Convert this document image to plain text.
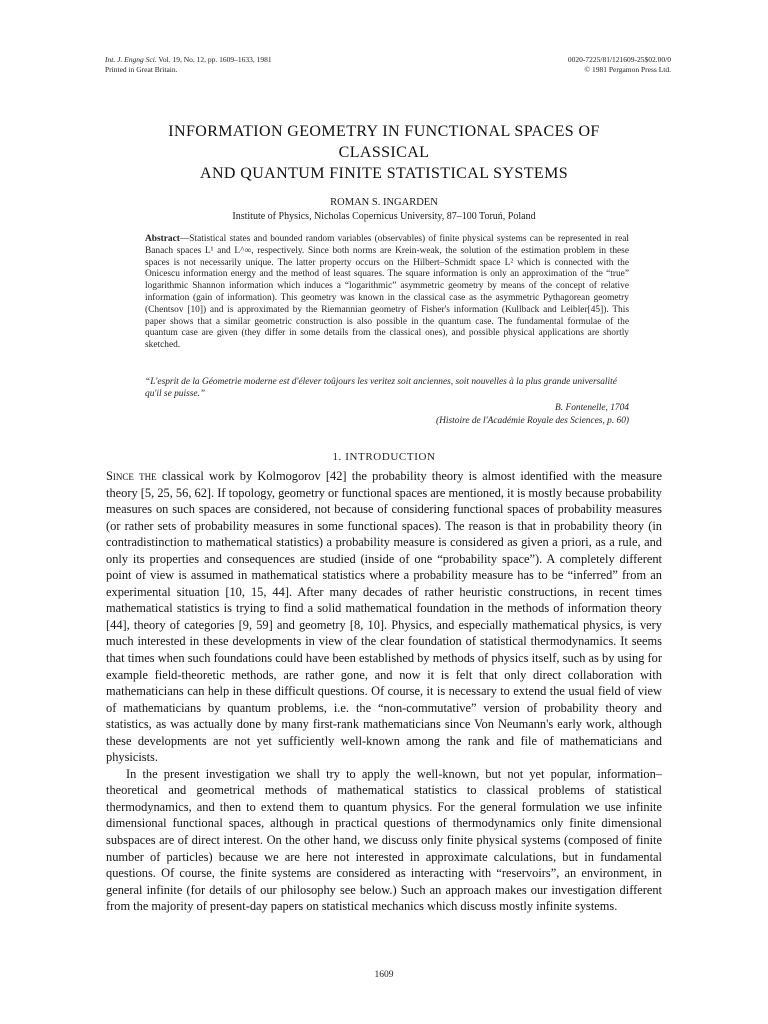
Int. J. Engng Sci. Vol. 19, No. 12, pp. 1609–1633, 1981
Printed in Great Britain.
0020-7225/81/121609-25$02.00/0
© 1981 Pergamon Press Ltd.
INFORMATION GEOMETRY IN FUNCTIONAL SPACES OF
CLASSICAL
AND QUANTUM FINITE STATISTICAL SYSTEMS
ROMAN S. INGARDEN
Institute of Physics, Nicholas Copernicus University, 87–100 Toruń, Poland
Abstract—Statistical states and bounded random variables (observables) of finite physical systems can be represented in real Banach spaces L¹ and L^∞, respectively. Since both norms are Krein-weak, the solution of the estimation problem in these spaces is not necessarily unique. The latter property occurs on the Hilbert–Schmidt space L² which is connected with the Onicescu information energy and the method of least squares. The square information is only an approximation of the “true” logarithmic Shannon information which induces a “logarithmic” asymmetric geometry by means of the concept of relative information (gain of information). This geometry was known in the classical case as the asymmetric Pythagorean geometry (Chentsov [10]) and is approximated by the Riemannian geometry of Fisher's information (Kullback and Leibler[45]). This paper shows that a similar geometric construction is also possible in the quantum case. The fundamental formulae of the quantum case are given (they differ in some details from the classical ones), and possible physical applications are shortly sketched.
“L'esprit de la Géometrie moderne est d'élever toûjours les veritez soit anciennes, soit nouvelles à la plus grande universalité qu'il se puisse.”
B. Fontenelle, 1704
(Histoire de l'Académie Royale des Sciences, p. 60)
1. INTRODUCTION

Since the classical work by Kolmogorov [42] the probability theory is almost identified with the measure theory [5, 25, 56, 62]. If topology, geometry or functional spaces are mentioned, it is mostly because probability measures on such spaces are considered, not because of considering functional spaces of probability measures (or rather sets of probability measures in some functional spaces). The reason is that in probability theory (in contradistinction to mathematical statistics) a probability measure is considered as given a priori, as a rule, and only its properties and consequences are studied (inside of one “probability space”). A completely different point of view is assumed in mathematical statistics where a probability measure has to be “inferred” from an experimental situation [10, 15, 44]. After many decades of rather heuristic constructions, in recent times mathematical statistics is trying to find a solid mathematical foundation in the methods of information theory [44], theory of categories [9, 59] and geometry [8, 10]. Physics, and especially mathematical physics, is very much interested in these developments in view of the clear foundation of statistical thermodynamics. It seems that times when such foundations could have been established by methods of physics itself, such as by using for example field-theoretic methods, are rather gone, and now it is felt that only direct collaboration with mathematicians can help in these difficult questions. Of course, it is necessary to extend the usual field of view of mathematicians by quantum problems, i.e. the “non-commutative” version of probability theory and statistics, as was actually done by many first-rank mathematicians since Von Neumann's early work, although these developments are not yet sufficiently well-known among the rank and file of mathematicians and physicists.

In the present investigation we shall try to apply the well-known, but not yet popular, information–theoretical and geometrical methods of mathematical statistics to classical problems of statistical thermodynamics, and then to extend them to quantum physics. For the general formulation we use infinite dimensional functional spaces, although in practical questions of thermodynamics only finite dimensional subspaces are of direct interest. On the other hand, we discuss only finite physical systems (composed of finite number of particles) because we are here not interested in approximate calculations, but in fundamental questions. Of course, the finite systems are considered as interacting with “reservoirs”, an environment, in general infinite (for details of our philosophy see below.) Such an approach makes our investigation different from the majority of present-day papers on statistical mechanics which discuss mostly infinite systems.

1609
